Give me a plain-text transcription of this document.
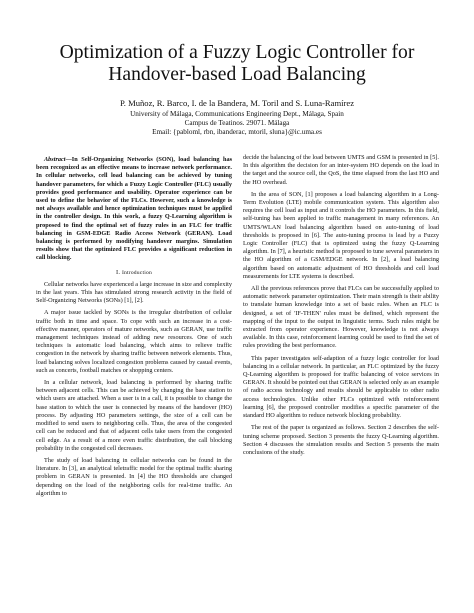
Optimization of a Fuzzy Logic Controller for
Handover-based Load Balancing
P. Muñoz, R. Barco, I. de la Bandera, M. Toril and S. Luna-Ramírez
University of Málaga, Communications Engineering Dept., Málaga, Spain
Campus de Teatinos. 29071. Málaga
Email: {pabloml, rbn, ibanderac, mtoril, sluna}@ic.uma.es

Abstract—In Self-Organizing Networks (SON), load balancing has been recognized as an effective means to increase network performance. In cellular networks, cell load balancing can be achieved by tuning handover parameters, for which a Fuzzy Logic Controller (FLC) usually provides good performance and usability. Operator experience can be used to define the behavior of the FLCs. However, such a knowledge is not always available and hence optimization techniques must be applied in the controller design. In this work, a fuzzy Q-Learning algorithm is proposed to find the optimal set of fuzzy rules in an FLC for traffic balancing in GSM-EDGE Radio Access Network (GERAN). Load balancing is performed by modifying handover margins. Simulation results show that the optimized FLC provides a significant reduction in call blocking.

I. Introduction

Cellular networks have experienced a large increase in size and complexity in the last years. This has stimulated strong research activity in the field of Self-Organizing Networks (SONs) [1], [2].

A major issue tackled by SONs is the irregular distribution of cellular traffic both in time and space. To cope with such an increase in a cost-effective manner, operators of mature networks, such as GERAN, use traffic management techniques instead of adding new resources. One of such techniques is automatic load balancing, which aims to relieve traffic congestion in the network by sharing traffic between network elements. Thus, load balancing solves localized congestion problems caused by casual events, such as concerts, football matches or shopping centers.

In a cellular network, load balancing is performed by sharing traffic between adjacent cells. This can be achieved by changing the base station to which users are attached. When a user is in a call, it is possible to change the base station to which the user is connected by means of the handover (HO) process. By adjusting HO parameters settings, the size of a cell can be modified to send users to neighboring cells. Thus, the area of the congested cell can be reduced and that of adjacent cells take users from the congested cell edge. As a result of a more even traffic distribution, the call blocking probability in the congested cell decreases.

The study of load balancing in cellular networks can be found in the literature. In [3], an analytical teletraffic model for the optimal traffic sharing problem in GERAN is presented. In [4] the HO thresholds are changed depending on the load of the neighboring cells for real-time traffic. An algorithm to

decide the balancing of the load between UMTS and GSM is presented in [5]. In this algorithm the decision for an inter-system HO depends on the load in the target and the source cell, the QoS, the time elapsed from the last HO and the HO overhead.

In the area of SON, [1] proposes a load balancing algorithm in a Long-Term Evolution (LTE) mobile communication system. This algorithm also requires the cell load as input and it controls the HO parameters. In this field, self-tuning has been applied to traffic management in many references. An UMTS/WLAN load balancing algorithm based on auto-tuning of load thresholds is proposed in [6]. The auto-tuning process is lead by a Fuzzy Logic Controller (FLC) that is optimized using the fuzzy Q-Learning algorithm. In [7], a heuristic method is proposed to tune several parameters in the HO algorithm of a GSM/EDGE network. In [2], a load balancing algorithm based on automatic adjustment of HO thresholds and cell load measurements for LTE systems is described.

All the previous references prove that FLCs can be successfully applied to automatic network parameter optimization. Their main strength is their ability to translate human knowledge into a set of basic rules. When an FLC is designed, a set of 'IF-THEN' rules must be defined, which represent the mapping of the input to the output in linguistic terms. Such rules might be extracted from operator experience. However, knowledge is not always available. In this case, reinforcement learning could be used to find the set of rules providing the best performance.

This paper investigates self-adaption of a fuzzy logic controller for load balancing in a cellular network. In particular, an FLC optimized by the fuzzy Q-Learning algorithm is proposed for traffic balancing of voice services in GERAN. It should be pointed out that GERAN is selected only as an example of radio access technology and results should be applicable to other radio access technologies. Unlike other FLCs optimized with reinforcement learning [6], the proposed controller modifies a specific parameter of the standard HO algorithm to reduce network blocking probability.

The rest of the paper is organized as follows. Section 2 describes the self-tuning scheme proposed. Section 3 presents the fuzzy Q-Learning algorithm. Section 4 discusses the simulation results and Section 5 presents the main conclusions of the study.
